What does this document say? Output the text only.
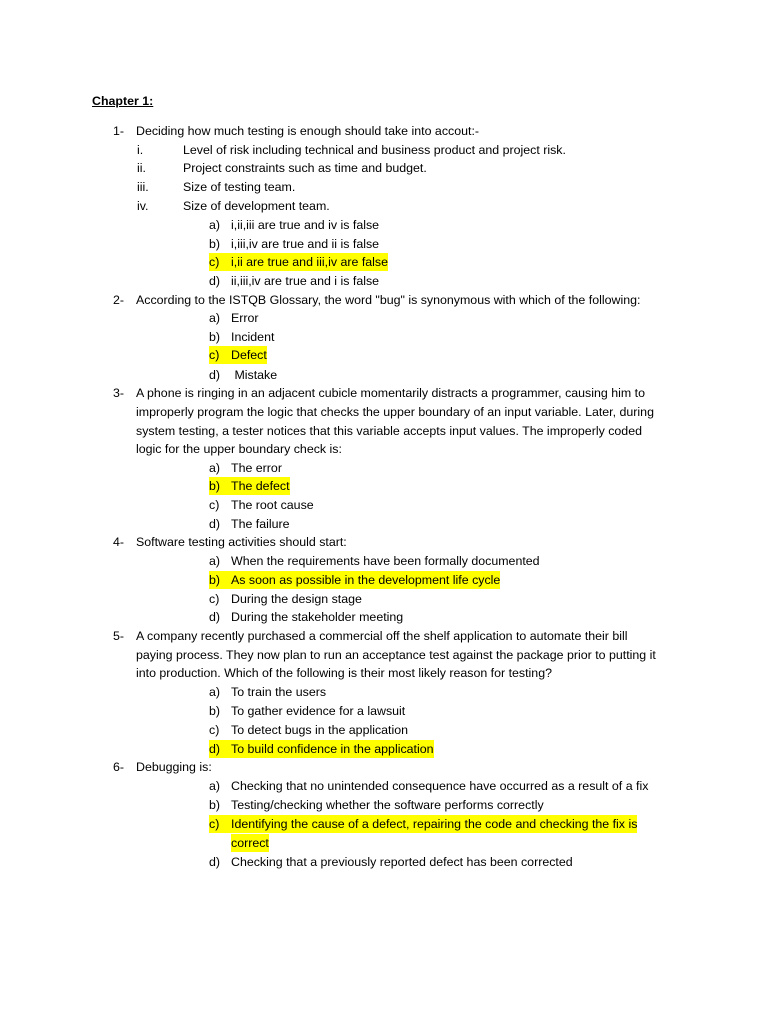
Chapter 1:
1- Deciding how much testing is enough should take into accout:-
i.	Level of risk including technical and business product and project risk.
ii.	Project constraints such as time and budget.
iii.	Size of testing team.
iv.	Size of development team.
a) i,ii,iii are true and iv is false
b) i,iii,iv are true and ii is false
c) i,ii are true and iii,iv are false
d) ii,iii,iv are true and i is false
2- According to the ISTQB Glossary, the word "bug" is synonymous with which of the following:
a) Error
b) Incident
c) Defect
d) Mistake
3- A phone is ringing in an adjacent cubicle momentarily distracts a programmer, causing him to
improperly program the logic that checks the upper boundary of an input variable. Later, during
system testing, a tester notices that this variable accepts input values. The improperly coded
logic for the upper boundary check is:
a) The error
b) The defect
c) The root cause
d) The failure
4- Software testing activities should start:
a) When the requirements have been formally documented
b) As soon as possible in the development life cycle
c) During the design stage
d) During the stakeholder meeting
5- A company recently purchased a commercial off the shelf application to automate their bill
paying process. They now plan to run an acceptance test against the package prior to putting it
into production. Which of the following is their most likely reason for testing?
a) To train the users
b) To gather evidence for a lawsuit
c) To detect bugs in the application
d) To build confidence in the application
6- Debugging is:
a) Checking that no unintended consequence have occurred as a result of a fix
b) Testing/checking whether the software performs correctly
c) Identifying the cause of a defect, repairing the code and checking the fix is
correct
d) Checking that a previously reported defect has been corrected
